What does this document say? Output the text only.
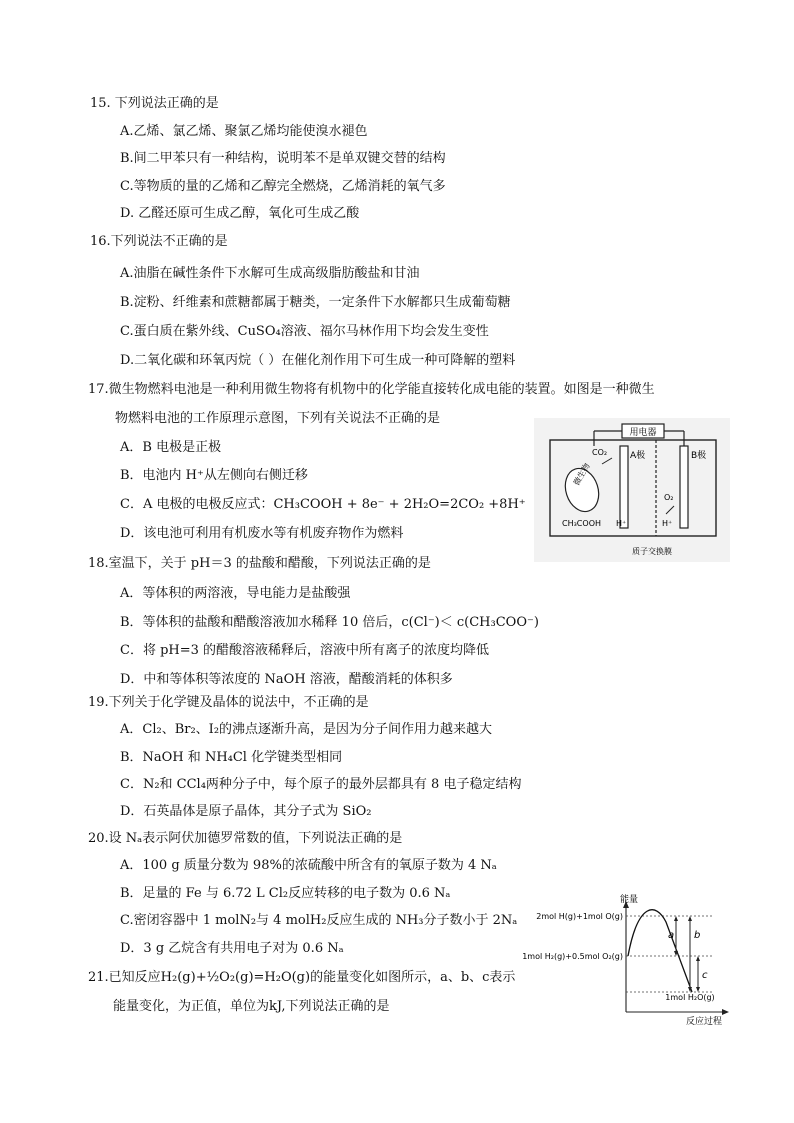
15. 下列说法正确的是
A.乙烯、氯乙烯、聚氯乙烯均能使溴水褪色
B.间二甲苯只有一种结构，说明苯不是单双键交替的结构
C.等物质的量的乙烯和乙醇完全燃烧，乙烯消耗的氧气多
D. 乙醛还原可生成乙醇，氧化可生成乙酸
16.下列说法不正确的是
A.油脂在碱性条件下水解可生成高级脂肪酸盐和甘油
B.淀粉、纤维素和蔗糖都属于糖类，一定条件下水解都只生成葡萄糖
C.蛋白质在紫外线、CuSO₄溶液、福尔马林作用下均会发生变性
D.二氧化碳和环氧丙烷（ ）在催化剂作用下可生成一种可降解的塑料
17.微生物燃料电池是一种利用微生物将有机物中的化学能直接转化成电能的装置。如图是一种微生
物燃料电池的工作原理示意图，下列有关说法不正确的是
A．B 电极是正极
B．电池内 H⁺从左侧向右侧迁移
C．A 电极的电极反应式：CH₃COOH + 8e⁻ + 2H₂O=2CO₂ +8H⁺
D．该电池可利用有机废水等有机废弃物作为燃料
用电器
A极	B极
CO₂
O₂
微生物
CH₃COOH H⁺	H⁺
质子交换膜
18.室温下，关于 pH＝3 的盐酸和醋酸，下列说法正确的是
A．等体积的两溶液，导电能力是盐酸强
B．等体积的盐酸和醋酸溶液加水稀释 10 倍后，c(Cl⁻)＜ c(CH₃COO⁻)
C．将 pH=3 的醋酸溶液稀释后，溶液中所有离子的浓度均降低
D．中和等体积等浓度的 NaOH 溶液，醋酸消耗的体积多
19.下列关于化学键及晶体的说法中，不正确的是
A．Cl₂、Br₂、I₂的沸点逐渐升高，是因为分子间作用力越来越大
B．NaOH 和 NH₄Cl 化学键类型相同
C．N₂和 CCl₄两种分子中，每个原子的最外层都具有 8 电子稳定结构
D．石英晶体是原子晶体，其分子式为 SiO₂
20.设 Nₐ表示阿伏加德罗常数的值，下列说法正确的是
A．100 g 质量分数为 98%的浓硫酸中所含有的氧原子数为 4 Nₐ
B．足量的 Fe 与 6.72 L Cl₂反应转移的电子数为 0.6 Nₐ
C.密闭容器中 1 molN₂与 4 molH₂反应生成的 NH₃分子数小于 2Nₐ
D．3 g 乙烷含有共用电子对为 0.6 Nₐ
21.已知反应H₂(g)+½O₂(g)=H₂O(g)的能量变化如图所示，a、b、c表示
能量变化，为正值，单位为kJ,下列说法正确的是
能量
反应过程
2mol H(g)+1mol O(g)
1mol H₂(g)+0.5mol O₂(g)
1mol H₂O(g)
a b
c
